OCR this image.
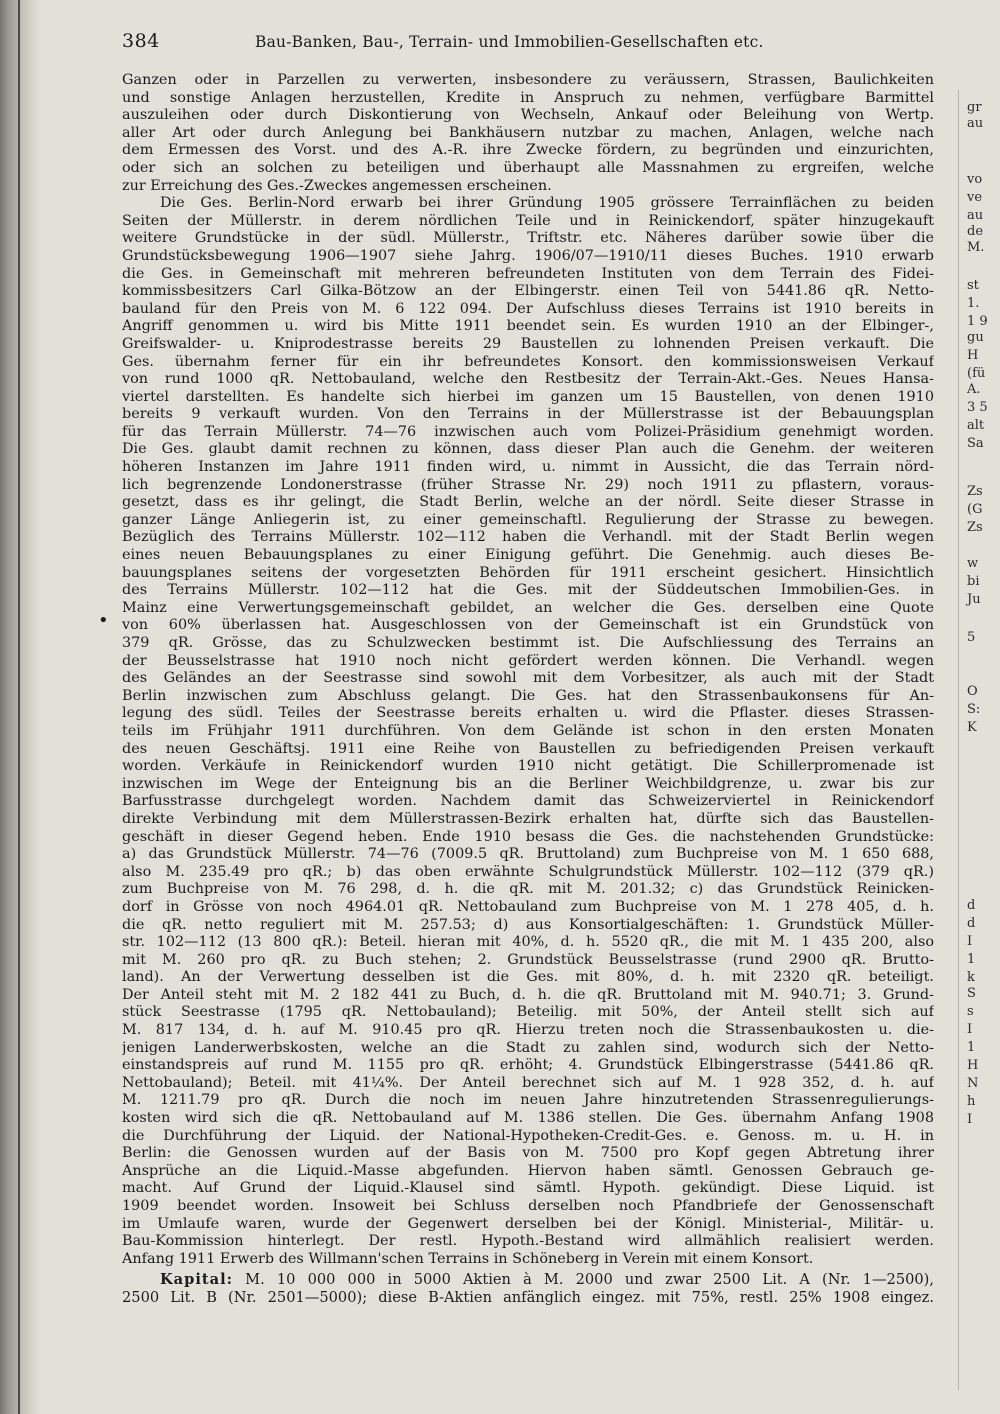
384	Bau-Banken, Bau-, Terrain- und Immobilien-Gesellschaften etc.
•
Ganzen oder in Parzellen zu verwerten, insbesondere zu veräussern, Strassen, Baulichkeiten
und sonstige Anlagen herzustellen, Kredite in Anspruch zu nehmen, verfügbare Barmittel
auszuleihen oder durch Diskontierung von Wechseln, Ankauf oder Beleihung von Wertp.
aller Art oder durch Anlegung bei Bankhäusern nutzbar zu machen, Anlagen, welche nach
dem Ermessen des Vorst. und des A.-R. ihre Zwecke fördern, zu begründen und einzurichten,
oder sich an solchen zu beteiligen und überhaupt alle Massnahmen zu ergreifen, welche
zur Erreichung des Ges.-Zweckes angemessen erscheinen.
Die Ges. Berlin-Nord erwarb bei ihrer Gründung 1905 grössere Terrainflächen zu beiden
Seiten der Müllerstr. in derem nördlichen Teile und in Reinickendorf, später hinzugekauft
weitere Grundstücke in der südl. Müllerstr., Triftstr. etc. Näheres darüber sowie über die
Grundstücksbewegung 1906—1907 siehe Jahrg. 1906/07—1910/11 dieses Buches. 1910 erwarb
die Ges. in Gemeinschaft mit mehreren befreundeten Instituten von dem Terrain des Fidei-
kommissbesitzers Carl Gilka-Bötzow an der Elbingerstr. einen Teil von 5441.86 qR. Netto-
bauland für den Preis von M. 6 122 094. Der Aufschluss dieses Terrains ist 1910 bereits in
Angriff genommen u. wird bis Mitte 1911 beendet sein. Es wurden 1910 an der Elbinger-,
Greifswalder- u. Kniprodestrasse bereits 29 Baustellen zu lohnenden Preisen verkauft. Die
Ges. übernahm ferner für ein ihr befreundetes Konsort. den kommissionsweisen Verkauf
von rund 1000 qR. Nettobauland, welche den Restbesitz der Terrain-Akt.-Ges. Neues Hansa-
viertel darstellten. Es handelte sich hierbei im ganzen um 15 Baustellen, von denen 1910
bereits 9 verkauft wurden. Von den Terrains in der Müllerstrasse ist der Bebauungsplan
für das Terrain Müllerstr. 74—76 inzwischen auch vom Polizei-Präsidium genehmigt worden.
Die Ges. glaubt damit rechnen zu können, dass dieser Plan auch die Genehm. der weiteren
höheren Instanzen im Jahre 1911 finden wird, u. nimmt in Aussicht, die das Terrain nörd-
lich begrenzende Londonerstrasse (früher Strasse Nr. 29) noch 1911 zu pflastern, voraus-
gesetzt, dass es ihr gelingt, die Stadt Berlin, welche an der nördl. Seite dieser Strasse in
ganzer Länge Anliegerin ist, zu einer gemeinschaftl. Regulierung der Strasse zu bewegen.
Bezüglich des Terrains Müllerstr. 102—112 haben die Verhandl. mit der Stadt Berlin wegen
eines neuen Bebauungsplanes zu einer Einigung geführt. Die Genehmig. auch dieses Be-
bauungsplanes seitens der vorgesetzten Behörden für 1911 erscheint gesichert. Hinsichtlich
des Terrains Müllerstr. 102—112 hat die Ges. mit der Süddeutschen Immobilien-Ges. in
Mainz eine Verwertungsgemeinschaft gebildet, an welcher die Ges. derselben eine Quote
von 60% überlassen hat. Ausgeschlossen von der Gemeinschaft ist ein Grundstück von
379 qR. Grösse, das zu Schulzwecken bestimmt ist. Die Aufschliessung des Terrains an
der Beusselstrasse hat 1910 noch nicht gefördert werden können. Die Verhandl. wegen
des Geländes an der Seestrasse sind sowohl mit dem Vorbesitzer, als auch mit der Stadt
Berlin inzwischen zum Abschluss gelangt. Die Ges. hat den Strassenbaukonsens für An-
legung des südl. Teiles der Seestrasse bereits erhalten u. wird die Pflaster. dieses Strassen-
teils im Frühjahr 1911 durchführen. Von dem Gelände ist schon in den ersten Monaten
des neuen Geschäftsj. 1911 eine Reihe von Baustellen zu befriedigenden Preisen verkauft
worden. Verkäufe in Reinickendorf wurden 1910 nicht getätigt. Die Schillerpromenade ist
inzwischen im Wege der Enteignung bis an die Berliner Weichbildgrenze, u. zwar bis zur
Barfusstrasse durchgelegt worden. Nachdem damit das Schweizerviertel in Reinickendorf
direkte Verbindung mit dem Müllerstrassen-Bezirk erhalten hat, dürfte sich das Baustellen-
geschäft in dieser Gegend heben. Ende 1910 besass die Ges. die nachstehenden Grundstücke:
a) das Grundstück Müllerstr. 74—76 (7009.5 qR. Bruttoland) zum Buchpreise von M. 1 650 688,
also M. 235.49 pro qR.; b) das oben erwähnte Schulgrundstück Müllerstr. 102—112 (379 qR.)
zum Buchpreise von M. 76 298, d. h. die qR. mit M. 201.32; c) das Grundstück Reinicken-
dorf in Grösse von noch 4964.01 qR. Nettobauland zum Buchpreise von M. 1 278 405, d. h.
die qR. netto reguliert mit M. 257.53; d) aus Konsortialgeschäften: 1. Grundstück Müller-
str. 102—112 (13 800 qR.): Beteil. hieran mit 40%, d. h. 5520 qR., die mit M. 1 435 200, also
mit M. 260 pro qR. zu Buch stehen; 2. Grundstück Beusselstrasse (rund 2900 qR. Brutto-
land). An der Verwertung desselben ist die Ges. mit 80%, d. h. mit 2320 qR. beteiligt.
Der Anteil steht mit M. 2 182 441 zu Buch, d. h. die qR. Bruttoland mit M. 940.71; 3. Grund-
stück Seestrasse (1795 qR. Nettobauland); Beteilig. mit 50%, der Anteil stellt sich auf
M. 817 134, d. h. auf M. 910.45 pro qR. Hierzu treten noch die Strassenbaukosten u. die-
jenigen Landerwerbskosten, welche an die Stadt zu zahlen sind, wodurch sich der Netto-
einstandspreis auf rund M. 1155 pro qR. erhöht; 4. Grundstück Elbingerstrasse (5441.86 qR.
Nettobauland); Beteil. mit 41¼%. Der Anteil berechnet sich auf M. 1 928 352, d. h. auf
M. 1211.79 pro qR. Durch die noch im neuen Jahre hinzutretenden Strassenregulierungs-
kosten wird sich die qR. Nettobauland auf M. 1386 stellen. Die Ges. übernahm Anfang 1908
die Durchführung der Liquid. der National-Hypotheken-Credit-Ges. e. Genoss. m. u. H. in
Berlin: die Genossen wurden auf der Basis von M. 7500 pro Kopf gegen Abtretung ihrer
Ansprüche an die Liquid.-Masse abgefunden. Hiervon haben sämtl. Genossen Gebrauch ge-
macht. Auf Grund der Liquid.-Klausel sind sämtl. Hypoth. gekündigt. Diese Liquid. ist
1909 beendet worden. Insoweit bei Schluss derselben noch Pfandbriefe der Genossenschaft
im Umlaufe waren, wurde der Gegenwert derselben bei der Königl. Ministerial-, Militär- u.
Bau-Kommission hinterlegt. Der restl. Hypoth.-Bestand wird allmählich realisiert werden.
Anfang 1911 Erwerb des Willmann'schen Terrains in Schöneberg in Verein mit einem Konsort.
Kapital: M. 10 000 000 in 5000 Aktien à M. 2000 und zwar 2500 Lit. A (Nr. 1—2500),
2500 Lit. B (Nr. 2501—5000); diese B-Aktien anfänglich eingez. mit 75%, restl. 25% 1908 eingez.
gr
au
vo
ve
au
de
M.
st
1.
1 9
gu
H
(fü
A.
3 5
alt
Sa
Zs
(G
Zs
w
bi
Ju
5
O
S:
K
d
d
I
1
k
S
s
I
1
H
N
h
I
